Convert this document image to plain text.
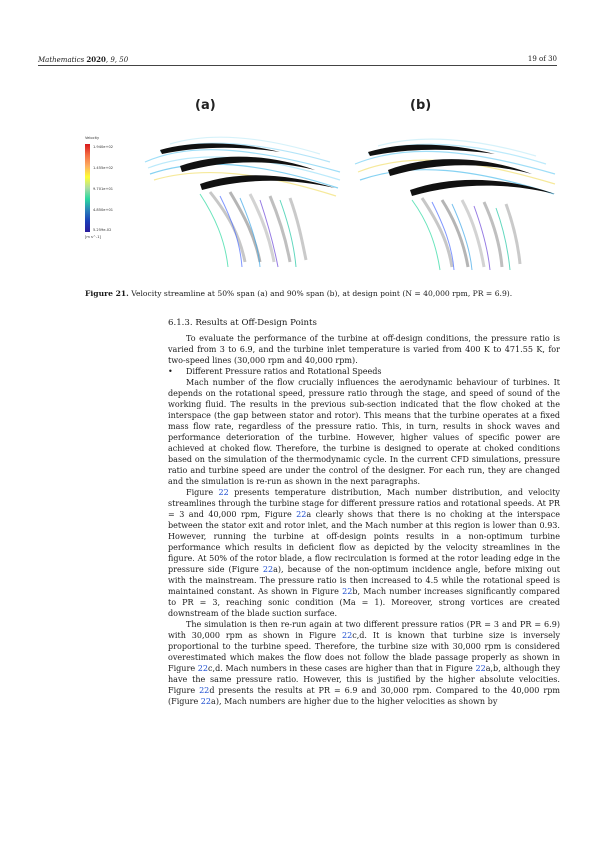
Mathematics 2020, 9, 50	19 of 30
(a)	(b)
Velocity
1.940e+02
1.455e+02
9.701e+01
4.850e+01
5.259e-02
[m s^-1]
Figure 21. Velocity streamline at 50% span (a) and 90% span (b), at design point (N = 40,000 rpm, PR = 6.9).
6.1.3. Results at Off-Design Points

To evaluate the performance of the turbine at off-design conditions, the pressure ratio is varied from 3 to 6.9, and the turbine inlet temperature is varied from 400 K to 471.55 K, for two-speed lines (30,000 rpm and 40,000 rpm).

• Different Pressure ratios and Rotational Speeds

Mach number of the flow crucially influences the aerodynamic behaviour of turbines. It depends on the rotational speed, pressure ratio through the stage, and speed of sound of the working fluid. The results in the previous sub-section indicated that the flow choked at the interspace (the gap between stator and rotor). This means that the turbine operates at a fixed mass flow rate, regardless of the pressure ratio. This, in turn, results in shock waves and performance deterioration of the turbine. However, higher values of specific power are achieved at choked flow. Therefore, the turbine is designed to operate at choked conditions based on the simulation of the thermodynamic cycle. In the current CFD simulations, pressure ratio and turbine speed are under the control of the designer. For each run, they are changed and the simulation is re-run as shown in the next paragraphs.

Figure 22 presents temperature distribution, Mach number distribution, and velocity streamlines through the turbine stage for different pressure ratios and rotational speeds. At PR = 3 and 40,000 rpm, Figure 22a clearly shows that there is no choking at the interspace between the stator exit and rotor inlet, and the Mach number at this region is lower than 0.93. However, running the turbine at off-design points results in a non-optimum turbine performance which results in deficient flow as depicted by the velocity streamlines in the figure. At 50% of the rotor blade, a flow recirculation is formed at the rotor leading edge in the pressure side (Figure 22a), because of the non-optimum incidence angle, before mixing out with the mainstream. The pressure ratio is then increased to 4.5 while the rotational speed is maintained constant. As shown in Figure 22b, Mach number increases significantly compared to PR = 3, reaching sonic condition (Ma = 1). Moreover, strong vortices are created downstream of the blade suction surface.

The simulation is then re-run again at two different pressure ratios (PR = 3 and PR = 6.9) with 30,000 rpm as shown in Figure 22c,d. It is known that turbine size is inversely proportional to the turbine speed. Therefore, the turbine size with 30,000 rpm is considered overestimated which makes the flow does not follow the blade passage properly as shown in Figure 22c,d. Mach numbers in these cases are higher than that in Figure 22a,b, although they have the same pressure ratio. However, this is justified by the higher absolute velocities. Figure 22d presents the results at PR = 6.9 and 30,000 rpm. Compared to the 40,000 rpm (Figure 22a), Mach numbers are higher due to the higher velocities as shown by
